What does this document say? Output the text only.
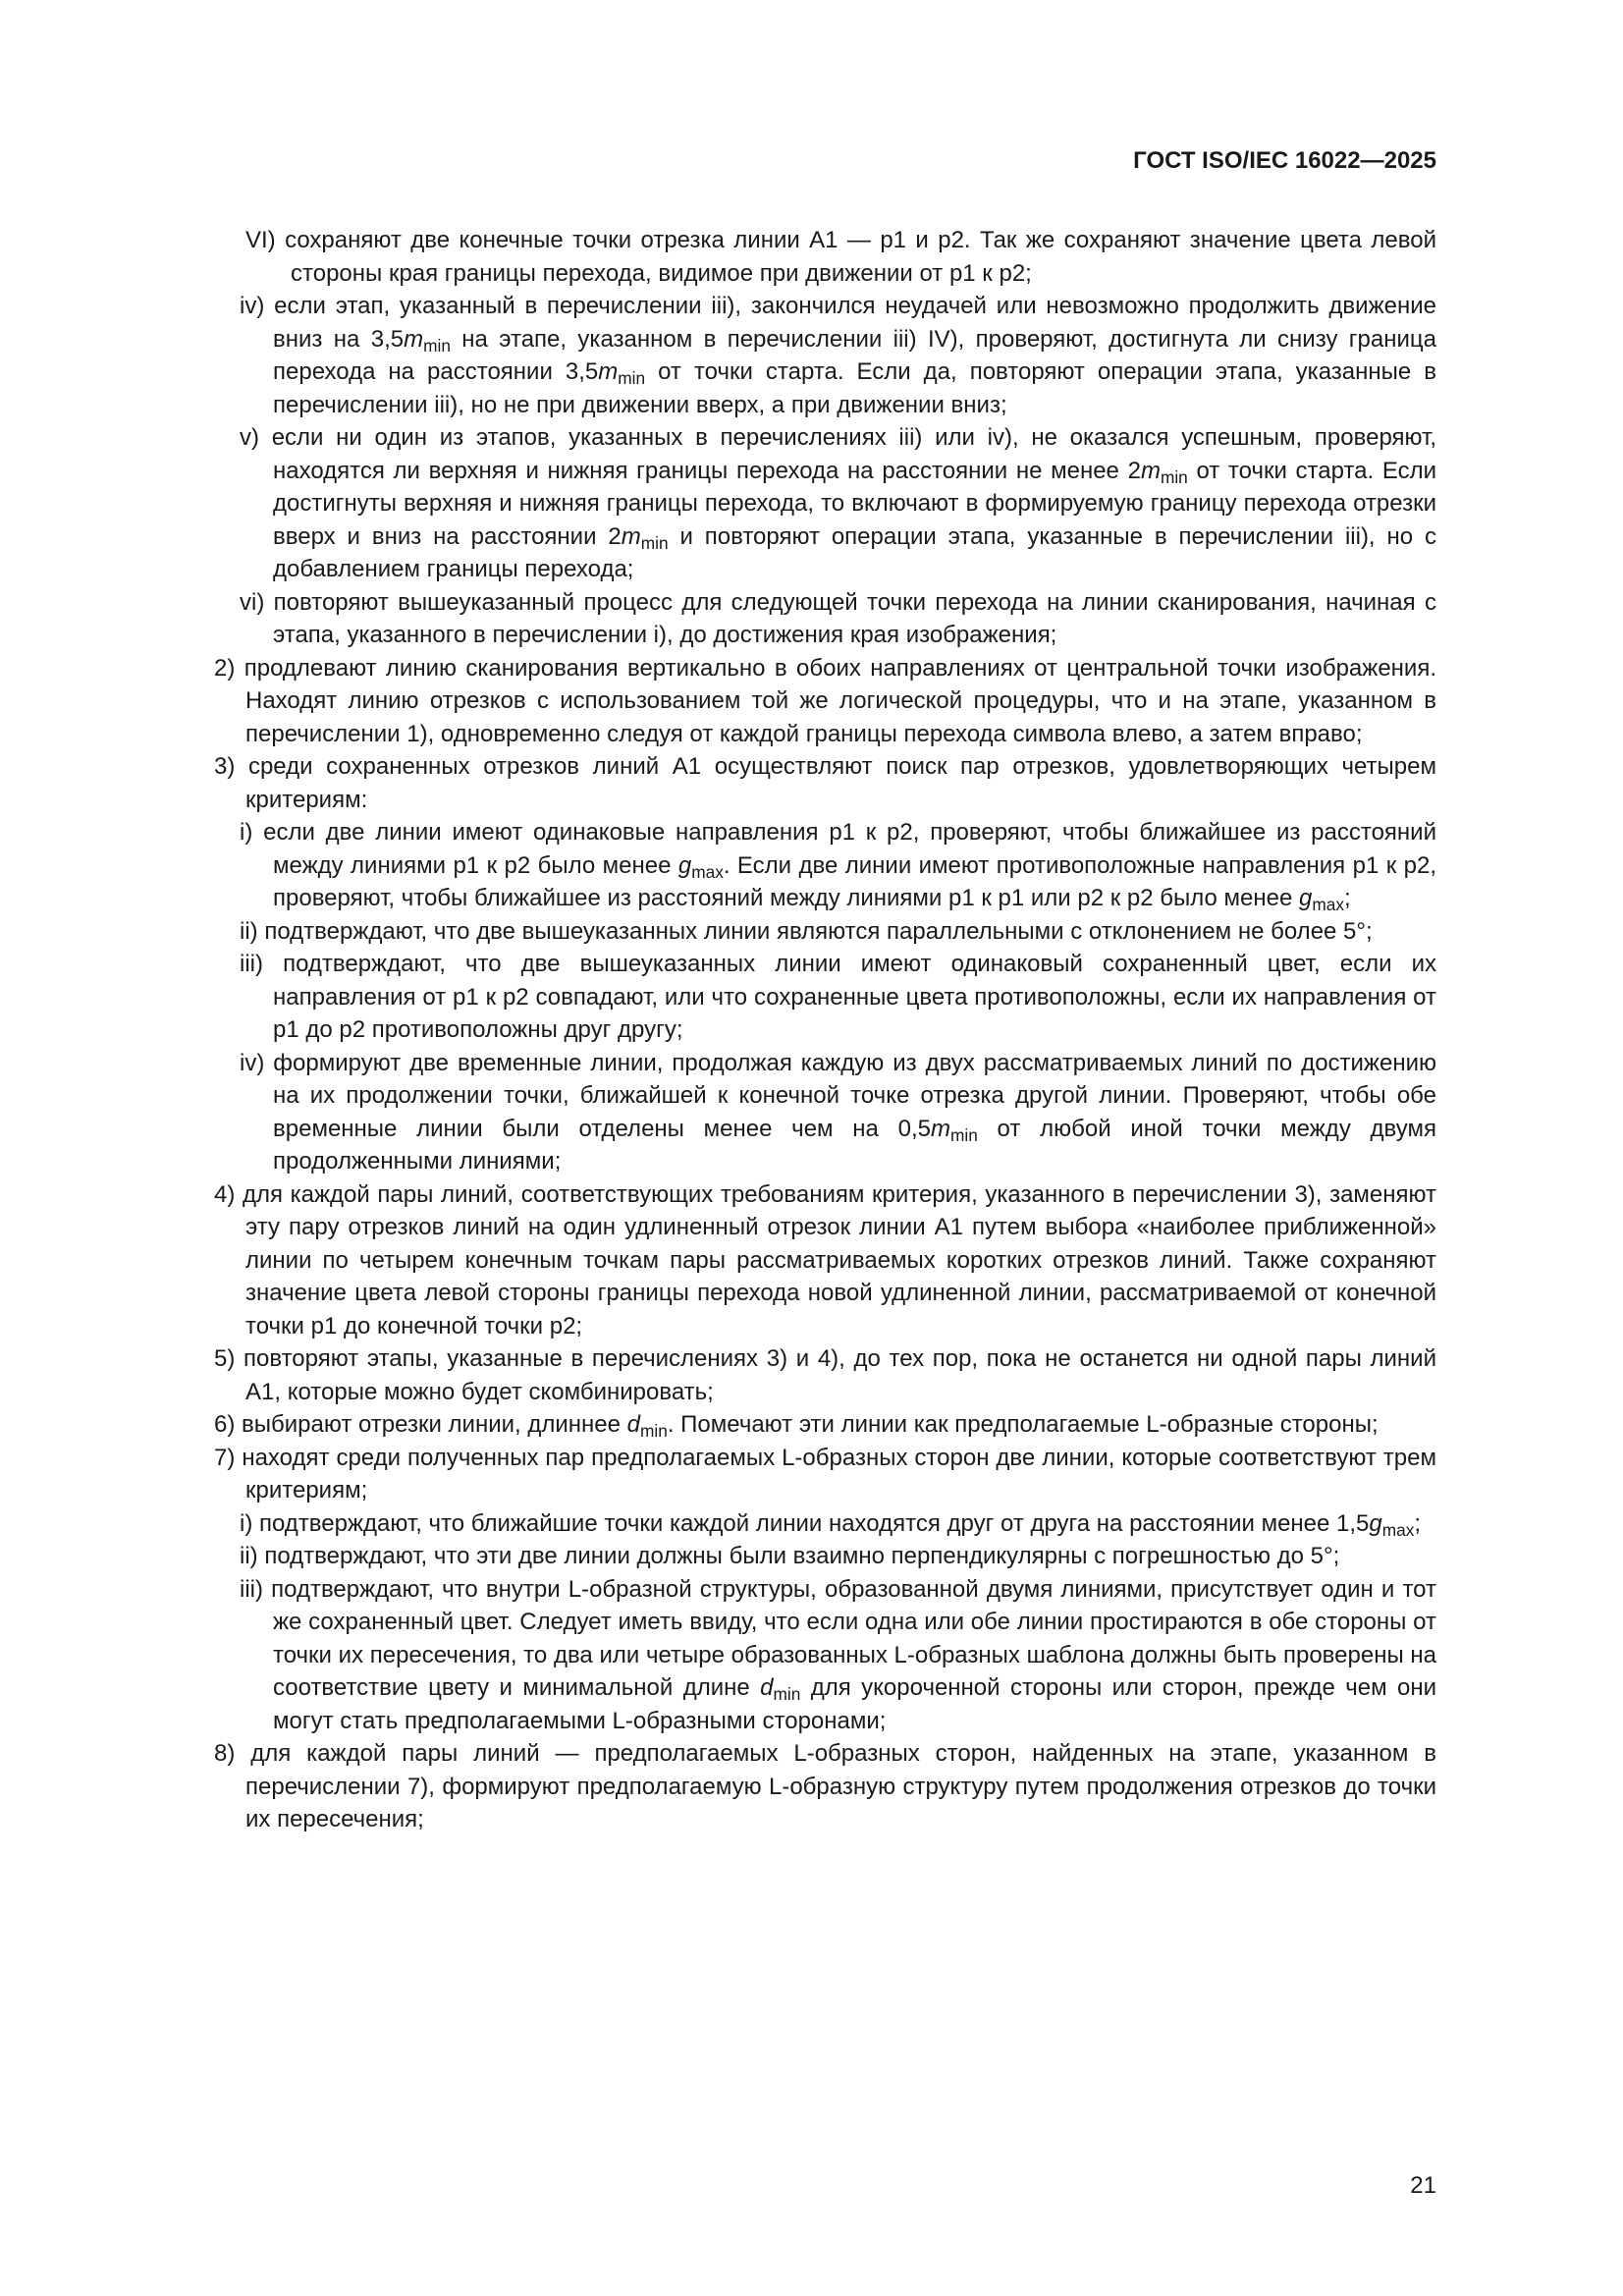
ГОСТ ISO/IEC 16022—2025
VI) сохраняют две конечные точки отрезка линии A1 — p1 и p2. Так же сохраняют значение цвета левой стороны края границы перехода, видимое при движении от p1 к p2;
iv) если этап, указанный в перечислении iii), закончился неудачей или невозможно продолжить движение вниз на $3,5m_{min}$ на этапе, указанном в перечислении iii) IV), проверяют, достигнута ли снизу граница перехода на расстоянии $3,5m_{min}$ от точки старта. Если да, повторяют операции этапа, указанные в перечислении iii), но не при движении вверх, а при движении вниз;
v) если ни один из этапов, указанных в перечислениях iii) или iv), не оказался успешным, проверяют, находятся ли верхняя и нижняя границы перехода на расстоянии не менее $2m_{min}$ от точки старта. Если достигнуты верхняя и нижняя границы перехода, то включают в формируемую границу перехода отрезки вверх и вниз на расстоянии $2m_{min}$ и повторяют операции этапа, указанные в перечислении iii), но с добавлением границы перехода;
vi) повторяют вышеуказанный процесс для следующей точки перехода на линии сканирования, начиная с этапа, указанного в перечислении i), до достижения края изображения;
2) продлевают линию сканирования вертикально в обоих направлениях от центральной точки изображения. Находят линию отрезков с использованием той же логической процедуры, что и на этапе, указанном в перечислении 1), одновременно следуя от каждой границы перехода символа влево, а затем вправо;
3) среди сохраненных отрезков линий A1 осуществляют поиск пар отрезков, удовлетворяющих четырем критериям:
i) если две линии имеют одинаковые направления p1 к p2, проверяют, чтобы ближайшее из расстояний между линиями p1 к p2 было менее $g_{max}$. Если две линии имеют противоположные направления p1 к p2, проверяют, чтобы ближайшее из расстояний между линиями p1 к p1 или p2 к p2 было менее $g_{max}$;
ii) подтверждают, что две вышеуказанных линии являются параллельными с отклонением не более 5°;
iii) подтверждают, что две вышеуказанных линии имеют одинаковый сохраненный цвет, если их направления от p1 к p2 совпадают, или что сохраненные цвета противоположны, если их направления от p1 до p2 противоположны друг другу;
iv) формируют две временные линии, продолжая каждую из двух рассматриваемых линий по достижению на их продолжении точки, ближайшей к конечной точке отрезка другой линии. Проверяют, чтобы обе временные линии были отделены менее чем на $0,5m_{min}$ от любой иной точки между двумя продолженными линиями;
4) для каждой пары линий, соответствующих требованиям критерия, указанного в перечислении 3), заменяют эту пару отрезков линий на один удлиненный отрезок линии A1 путем выбора «наиболее приближенной» линии по четырем конечным точкам пары рассматриваемых коротких отрезков линий. Также сохраняют значение цвета левой стороны границы перехода новой удлиненной линии, рассматриваемой от конечной точки p1 до конечной точки p2;
5) повторяют этапы, указанные в перечислениях 3) и 4), до тех пор, пока не останется ни одной пары линий A1, которые можно будет скомбинировать;
6) выбирают отрезки линии, длиннее $d_{min}$. Помечают эти линии как предполагаемые L-образные стороны;
7) находят среди полученных пар предполагаемых L-образных сторон две линии, которые соответствуют трем критериям;
i) подтверждают, что ближайшие точки каждой линии находятся друг от друга на расстоянии менее $1,5g_{max}$;
ii) подтверждают, что эти две линии должны были взаимно перпендикулярны с погрешностью до 5°;
iii) подтверждают, что внутри L-образной структуры, образованной двумя линиями, присутствует один и тот же сохраненный цвет. Следует иметь ввиду, что если одна или обе линии простираются в обе стороны от точки их пересечения, то два или четыре образованных L-образных шаблона должны быть проверены на соответствие цвету и минимальной длине $d_{min}$ для укороченной стороны или сторон, прежде чем они могут стать предполагаемыми L-образными сторонами;
8) для каждой пары линий — предполагаемых L-образных сторон, найденных на этапе, указанном в перечислении 7), формируют предполагаемую L-образную структуру путем продолжения отрезков до точки их пересечения;
21
